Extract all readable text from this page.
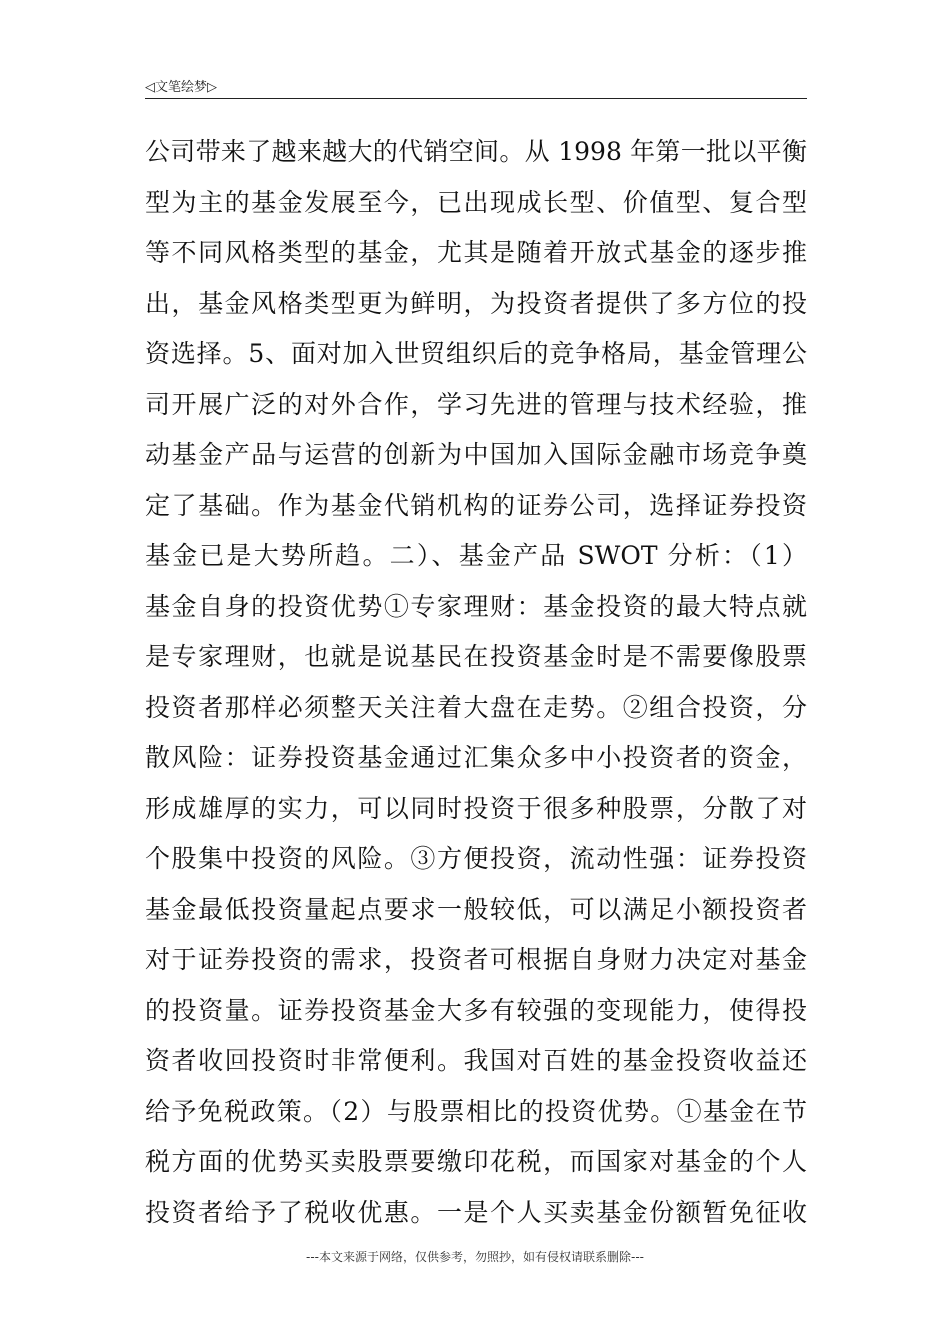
◁文笔绘梦▷
公司带来了越来越大的代销空间。从 1998 年第一批以平衡
型为主的基金发展至今，已出现成长型、价值型、复合型
等不同风格类型的基金，尤其是随着开放式基金的逐步推
出，基金风格类型更为鲜明，为投资者提供了多方位的投
资选择。5、面对加入世贸组织后的竞争格局，基金管理公
司开展广泛的对外合作，学习先进的管理与技术经验，推
动基金产品与运营的创新为中国加入国际金融市场竞争奠
定了基础。作为基金代销机构的证券公司，选择证券投资
基金已是大势所趋。二）、基金产品 SWOT 分析：（1）
基金自身的投资优势①专家理财：基金投资的最大特点就
是专家理财，也就是说基民在投资基金时是不需要像股票
投资者那样必须整天关注着大盘在走势。②组合投资，分
散风险：证券投资基金通过汇集众多中小投资者的资金，
形成雄厚的实力，可以同时投资于很多种股票，分散了对
个股集中投资的风险。③方便投资，流动性强：证券投资
基金最低投资量起点要求一般较低，可以满足小额投资者
对于证券投资的需求，投资者可根据自身财力决定对基金
的投资量。证券投资基金大多有较强的变现能力，使得投
资者收回投资时非常便利。我国对百姓的基金投资收益还
给予免税政策。（2）与股票相比的投资优势。①基金在节
税方面的优势买卖股票要缴印花税，而国家对基金的个人
投资者给予了税收优惠。一是个人买卖基金份额暂免征收
---本文来源于网络，仅供参考，勿照抄，如有侵权请联系删除---
